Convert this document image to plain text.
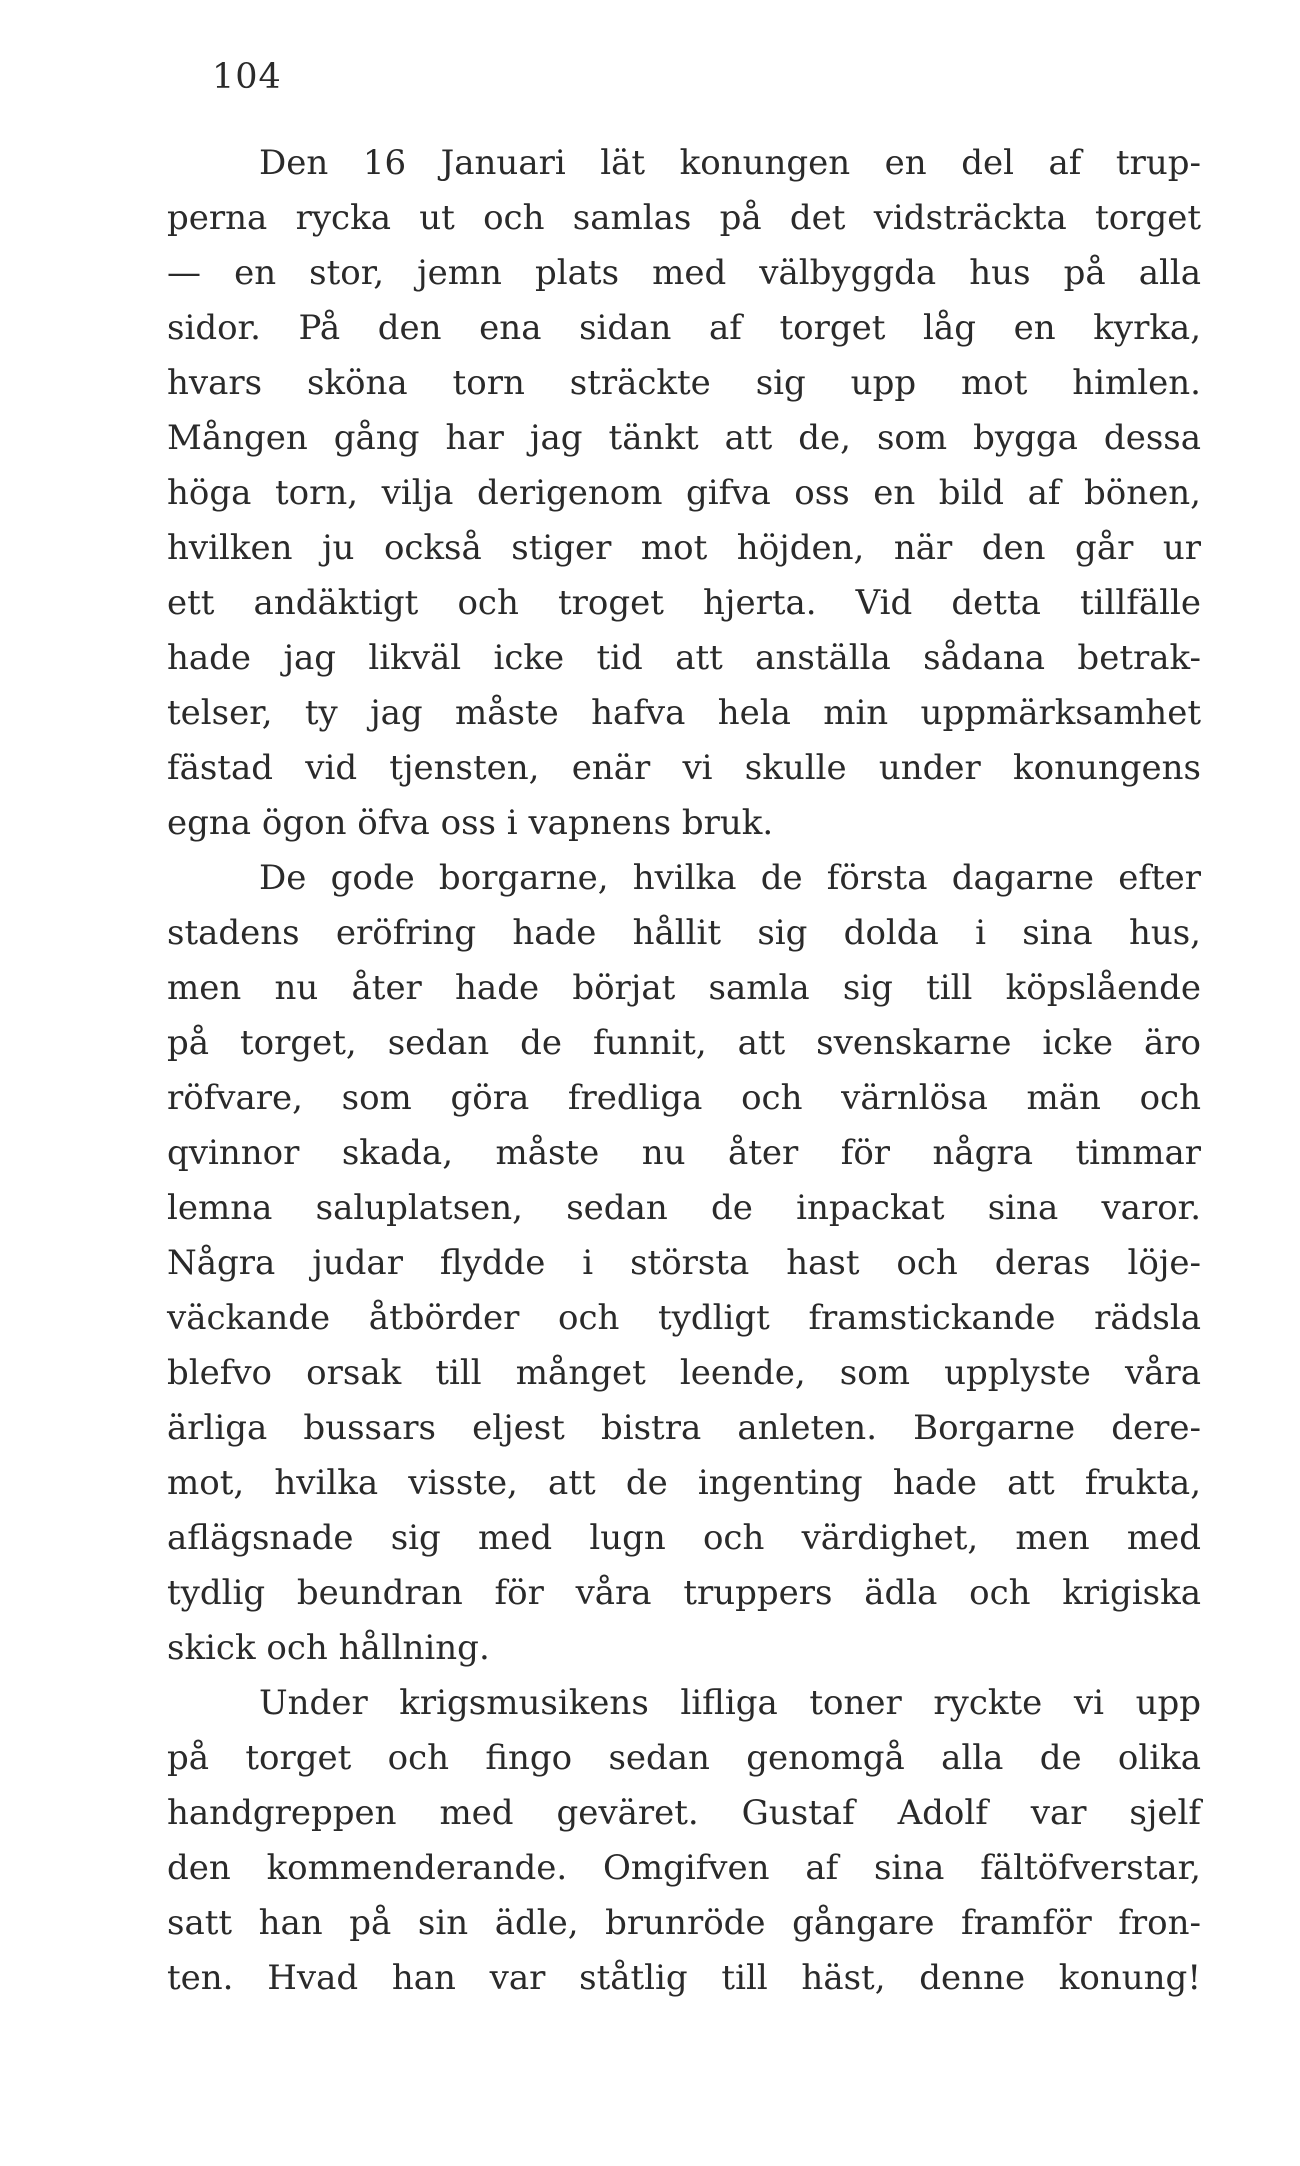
104
Den 16 Januari lät konungen en del af trup-
perna rycka ut och samlas på det vidsträckta torget
— en stor, jemn plats med välbyggda hus på alla
sidor. På den ena sidan af torget låg en kyrka,
hvars sköna torn sträckte sig upp mot himlen.
Mången gång har jag tänkt att de, som bygga dessa
höga torn, vilja derigenom gifva oss en bild af bönen,
hvilken ju också stiger mot höjden, när den går ur
ett andäktigt och troget hjerta. Vid detta tillfälle
hade jag likväl icke tid att anställa sådana betrak-
telser, ty jag måste hafva hela min uppmärksamhet
fästad vid tjensten, enär vi skulle under konungens
egna ögon öfva oss i vapnens bruk.
De gode borgarne, hvilka de första dagarne efter
stadens eröfring hade hållit sig dolda i sina hus,
men nu åter hade börjat samla sig till köpslående
på torget, sedan de funnit, att svenskarne icke äro
röfvare, som göra fredliga och värnlösa män och
qvinnor skada, måste nu åter för några timmar
lemna saluplatsen, sedan de inpackat sina varor.
Några judar flydde i största hast och deras löje-
väckande åtbörder och tydligt framstickande rädsla
blefvo orsak till månget leende, som upplyste våra
ärliga bussars eljest bistra anleten. Borgarne dere-
mot, hvilka visste, att de ingenting hade att frukta,
aflägsnade sig med lugn och värdighet, men med
tydlig beundran för våra truppers ädla och krigiska
skick och hållning.
Under krigsmusikens lifliga toner ryckte vi upp
på torget och fingo sedan genomgå alla de olika
handgreppen med geväret. Gustaf Adolf var sjelf
den kommenderande. Omgifven af sina fältöfverstar,
satt han på sin ädle, brunröde gångare framför fron-
ten. Hvad han var ståtlig till häst, denne konung!
